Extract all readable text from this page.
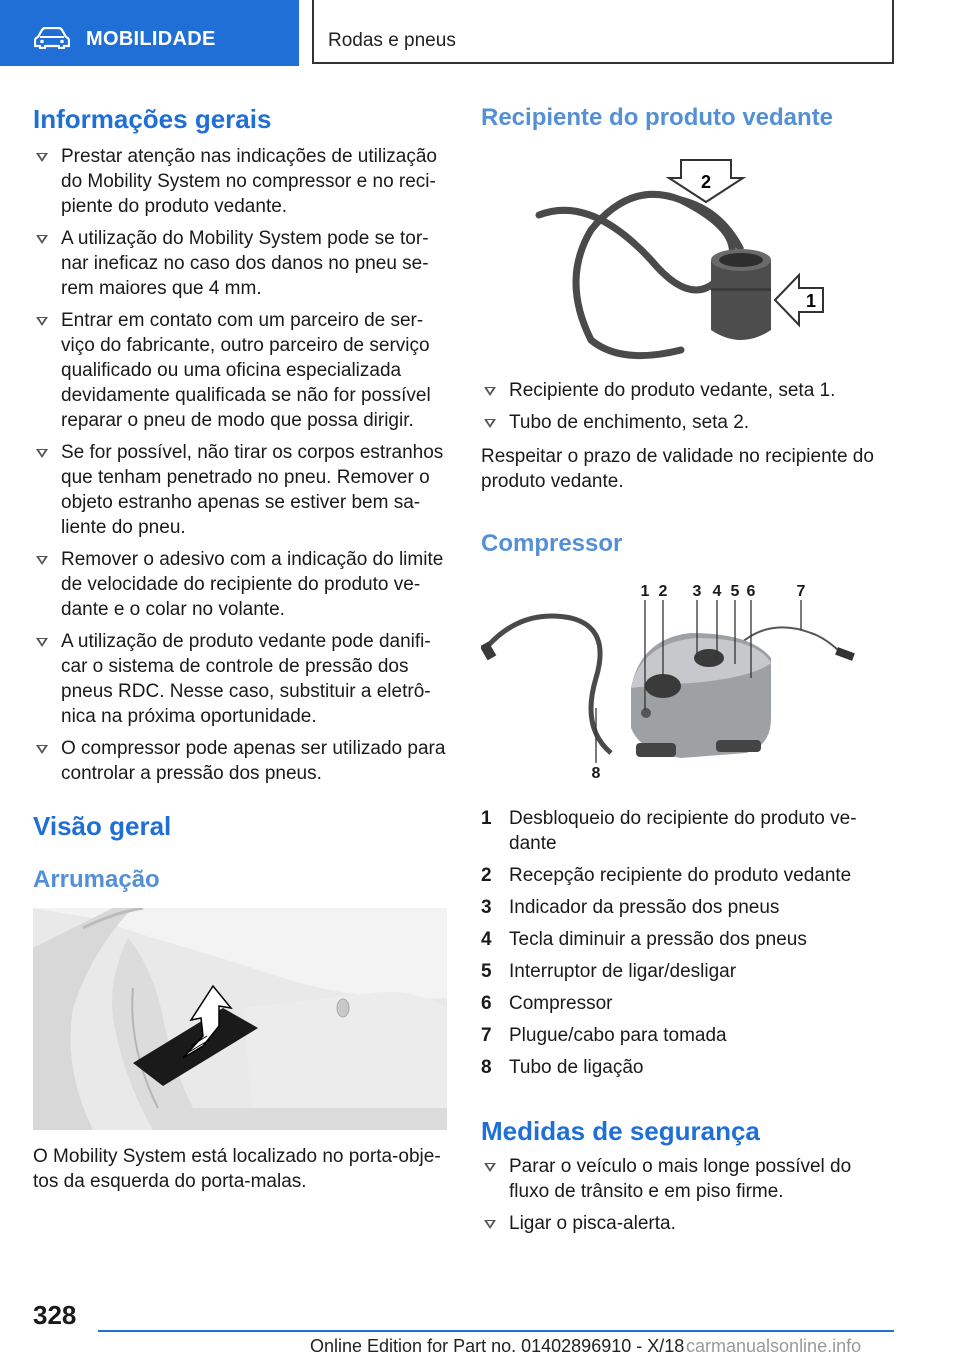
MOBILIDADE	Rodas e pneus
Informações gerais
Prestar atenção nas indicações de utilização do Mobility System no compressor e no recipiente do produto vedante.
A utilização do Mobility System pode se tornar ineficaz no caso dos danos no pneu serem maiores que 4 mm.
Entrar em contato com um parceiro de serviço do fabricante, outro parceiro de serviço qualificado ou uma oficina especializada devidamente qualificada se não for possível reparar o pneu de modo que possa dirigir.
Se for possível, não tirar os corpos estranhos que tenham penetrado no pneu. Remover o objeto estranho apenas se estiver bem saliente do pneu.
Remover o adesivo com a indicação do limite de velocidade do recipiente do produto vedante e o colar no volante.
A utilização de produto vedante pode danificar o sistema de controle de pressão dos pneus RDC. Nesse caso, substituir a eletrônica na próxima oportunidade.
O compressor pode apenas ser utilizado para controlar a pressão dos pneus.
Visão geral
Arrumação

O Mobility System está localizado no porta-objetos da esquerda do porta-malas.

Recipiente do produto vedante
2
1
Recipiente do produto vedante, seta 1.
Tubo de enchimento, seta 2.

Respeitar o prazo de validade no recipiente do produto vedante.

Compressor
1 2 3 4 5 6	7
8
1 Desbloqueio do recipiente do produto vedante
2 Recepção recipiente do produto vedante
3 Indicador da pressão dos pneus
4 Tecla diminuir a pressão dos pneus
5 Interruptor de ligar/desligar
6 Compressor
7 Plugue/cabo para tomada
8 Tubo de ligação
Medidas de segurança
Parar o veículo o mais longe possível do fluxo de trânsito e em piso firme.
Ligar o pisca-alerta.
328
Online Edition for Part no. 01402896910 - X/18 carmanualsonline.info
